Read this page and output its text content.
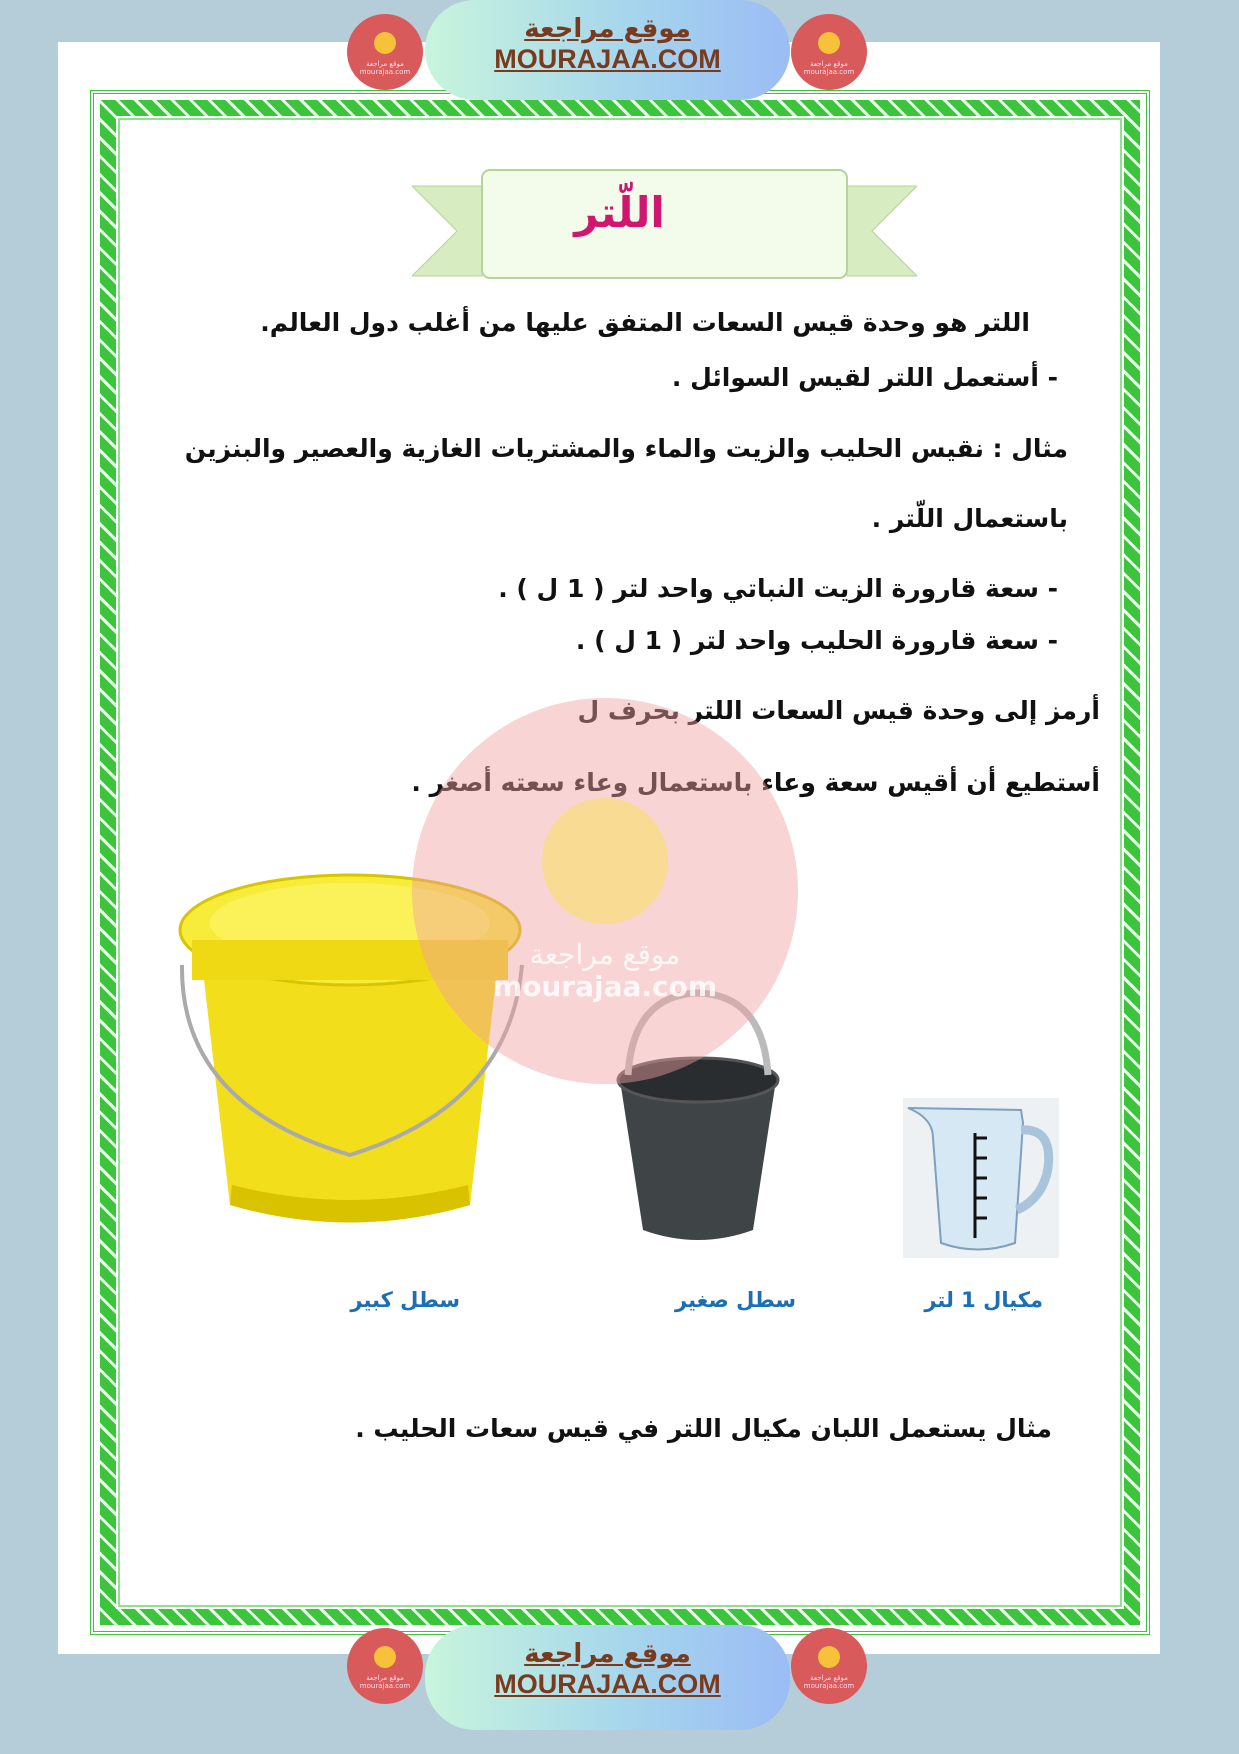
موقع مراجعة mourajaa.com
موقع مراجعة mourajaa.com
موقع مراجعة
MOURAJAA.COM
اللّتر
اللتر هو وحدة قيس السعات المتفق عليها من أغلب دول العالم.
- أستعمل اللتر لقيس السوائل .
مثال : نقيس الحليب والزيت والماء والمشتريات الغازية والعصير والبنزين
باستعمال اللّتر .
- سعة قارورة الزيت النباتي واحد لتر ( 1 ل ) .
- سعة قارورة الحليب واحد لتر ( 1 ل ) .
أرمز إلى وحدة قيس السعات اللتر بحرف ل
أستطيع أن أقيس سعة وعاء باستعمال وعاء سعته أصغر .
موقع مراجعة
mourajaa.com
سطل كبير	سطل صغير	مكيال 1 لتر
مثال يستعمل اللبان مكيال اللتر في قيس سعات الحليب .
موقع مراجعة mourajaa.com
موقع مراجعة mourajaa.com
موقع مراجعة
MOURAJAA.COM
